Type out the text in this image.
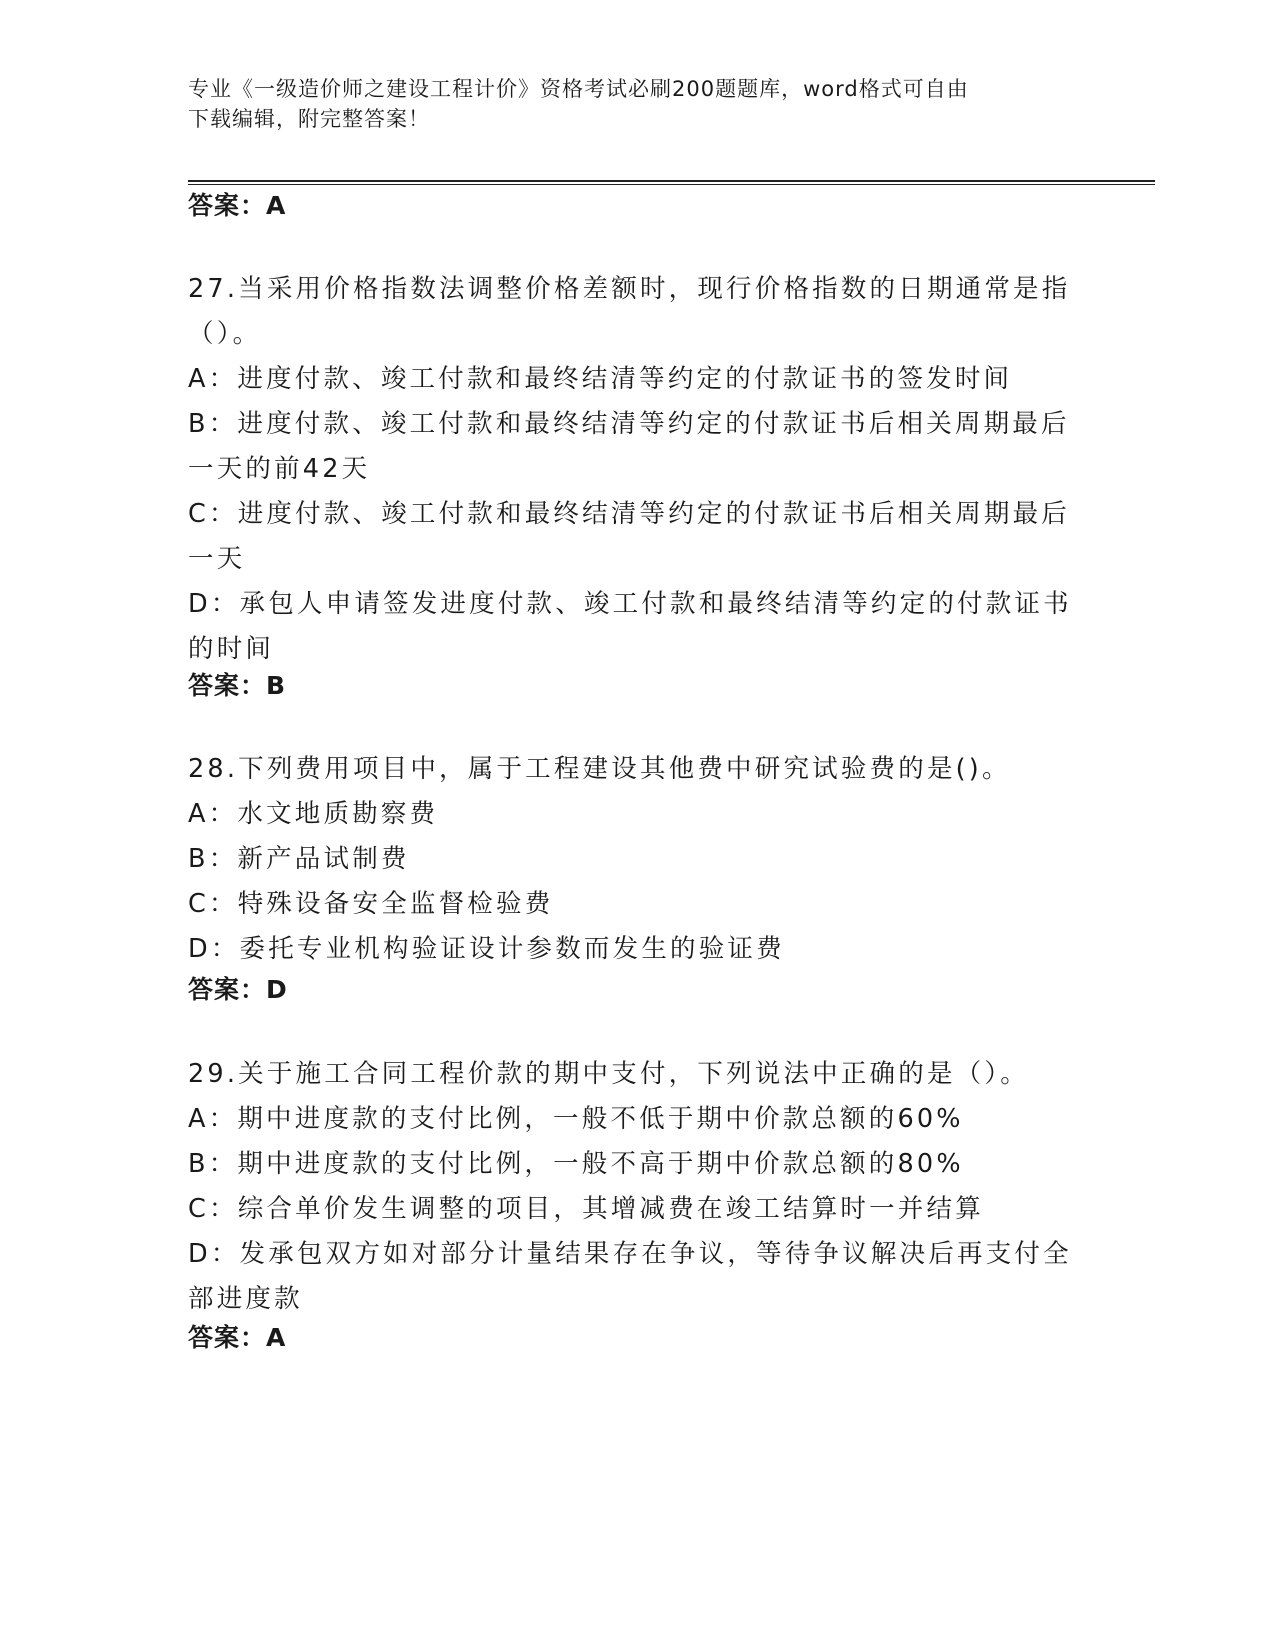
专业《一级造价师之建设工程计价》资格考试必刷200题题库，word格式可自由
下载编辑，附完整答案！
答案：A
27.当采用价格指数法调整价格差额时，现行价格指数的日期通常是指
（）。
A：进度付款、竣工付款和最终结清等约定的付款证书的签发时间
B：进度付款、竣工付款和最终结清等约定的付款证书后相关周期最后
一天的前42天
C：进度付款、竣工付款和最终结清等约定的付款证书后相关周期最后
一天
D：承包人申请签发进度付款、竣工付款和最终结清等约定的付款证书
的时间
答案：B
28.下列费用项目中，属于工程建设其他费中研究试验费的是()。
A：水文地质勘察费
B：新产品试制费
C：特殊设备安全监督检验费
D：委托专业机构验证设计参数而发生的验证费
答案：D
29.关于施工合同工程价款的期中支付，下列说法中正确的是（）。
A：期中进度款的支付比例，一般不低于期中价款总额的60%
B：期中进度款的支付比例，一般不高于期中价款总额的80%
C：综合单价发生调整的项目，其增减费在竣工结算时一并结算
D：发承包双方如对部分计量结果存在争议，等待争议解决后再支付全
部进度款
答案：A
